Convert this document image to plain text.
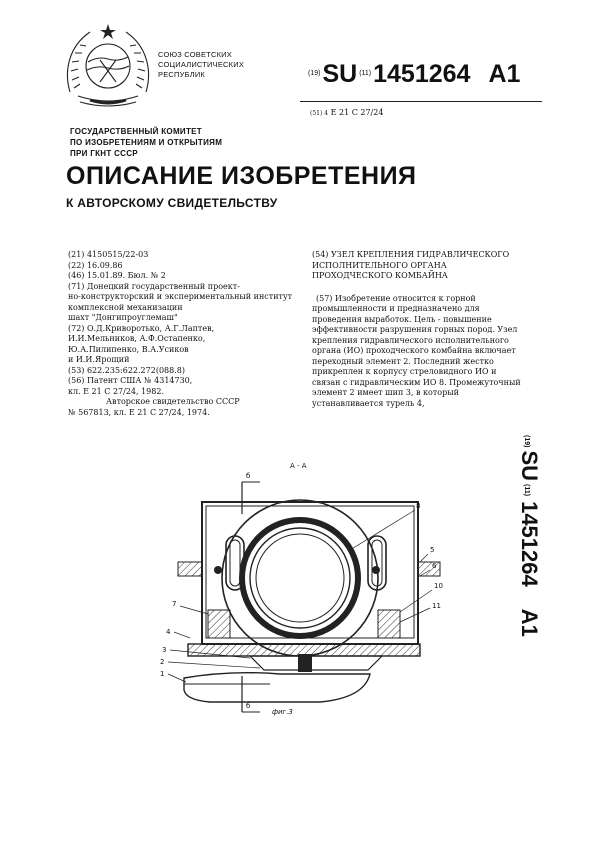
СОЮЗ СОВЕТСКИХ
СОЦИАЛИСТИЧЕСКИХ
РЕСПУБЛИК	$^{(19)}$SU $^{(11)}$1451264 A1
(51) 4 E 21 C 27/24
ГОСУДАРСТВЕННЫЙ КОМИТЕТ
ПО ИЗОБРЕТЕНИЯМ И ОТКРЫТИЯМ
ПРИ ГКНТ СССР
ОПИСАНИЕ ИЗОБРЕТЕНИЯ
К АВТОРСКОМУ СВИДЕТЕЛЬСТВУ

(21) 4150515/22-03

(22) 16.09.86

(46) 15.01.89. Бюл. № 2

(71) Донецкий государственный проект-

но-конструкторский и экспериментальный институт комплексной механизации

шахт "Донгипроуглемаш"

(72) О.Д.Криворотько, А.Г.Лаптев,

И.И.Мельников, А.Ф.Остапенко,

Ю.А.Пилипенко, В.А.Усиков

и И.И.Ярощий

(53) 622.235:622.272(088.8)

(56) Патент США № 4314730,

кл. E 21 C 27/24, 1982.

Авторское свидетельство СССР

№ 567813, кл. E 21 C 27/24, 1974.

(54) УЗЕЛ КРЕПЛЕНИЯ ГИДРАВЛИЧЕСКОГО ИСПОЛНИТЕЛЬНОГО ОРГАНА ПРОХОДЧЕСКОГО КОМБАЙНА

(57) Изобретение относится к горной промышленности и предназначено для проведения выработок. Цель - повышение эффективности разрушения горных пород. Узел крепления гидравлического исполнительного органа (ИО) проходческого комбайна включает переходный элемент 2. Последний жестко прикреплен к корпусу стреловидного ИО и связан с гидравлическим ИО 8. Промежуточный элемент 2 имеет шип 3, в который устанавливается турель 4,

(19)SU(11)1451264A1
А - А
б
б
8
5
6
10
11
7
4
3
2
1
фиг.3
